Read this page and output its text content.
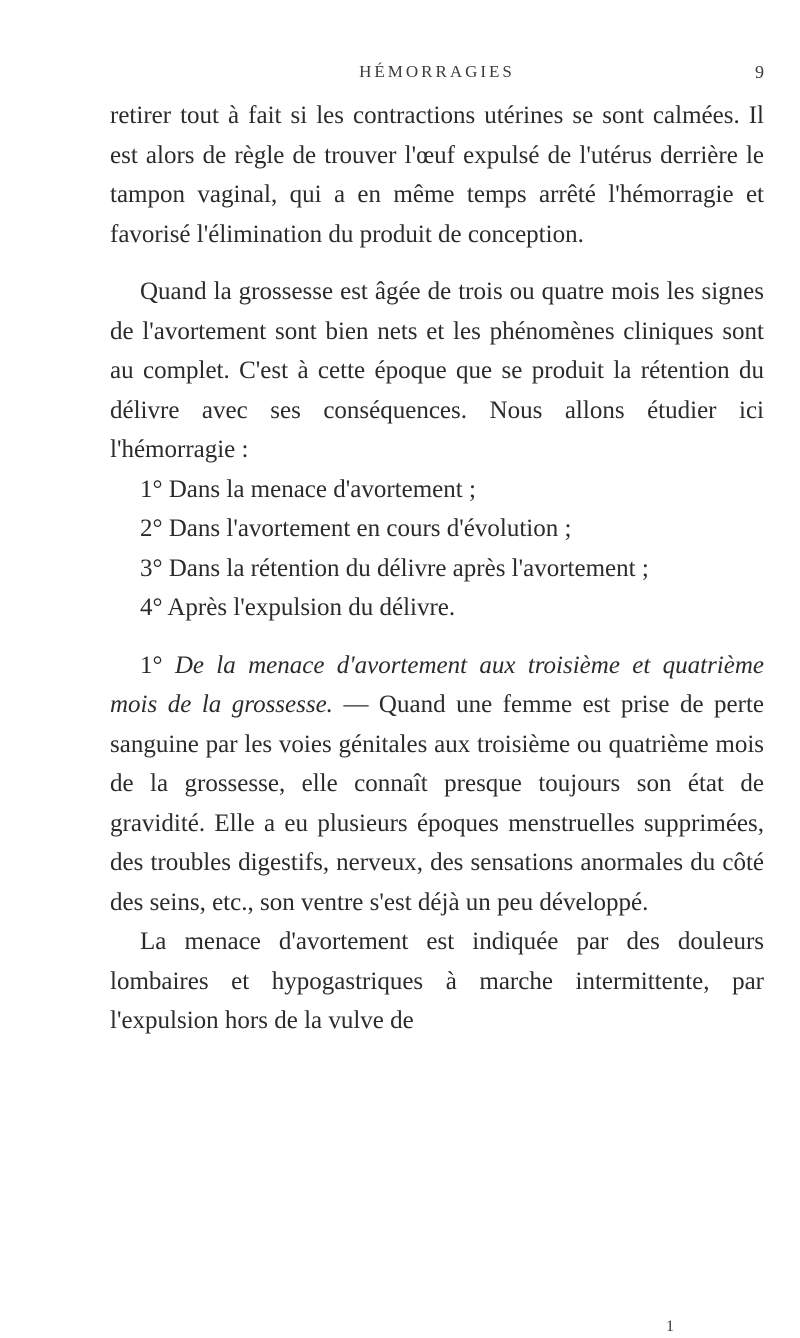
HÉMORRAGIES	9

retirer tout à fait si les contractions utérines se sont calmées. Il est alors de règle de trouver l'œuf expulsé de l'utérus derrière le tampon vaginal, qui a en même temps arrêté l'hémorragie et favorisé l'élimination du produit de conception.

Quand la grossesse est âgée de trois ou quatre mois les signes de l'avortement sont bien nets et les phénomènes cliniques sont au complet. C'est à cette époque que se produit la rétention du délivre avec ses conséquences. Nous allons étudier ici l'hémorragie :

1° Dans la menace d'avortement ;

2° Dans l'avortement en cours d'évolution ;

3° Dans la rétention du délivre après l'avortement ;

4° Après l'expulsion du délivre.

1° De la menace d'avortement aux troisième et quatrième mois de la grossesse. — Quand une femme est prise de perte sanguine par les voies génitales aux troisième ou quatrième mois de la grossesse, elle connaît presque toujours son état de gravidité. Elle a eu plusieurs époques menstruelles supprimées, des troubles digestifs, nerveux, des sensations anormales du côté des seins, etc., son ventre s'est déjà un peu développé.

La menace d'avortement est indiquée par des douleurs lombaires et hypogastriques à marche intermittente, par l'expulsion hors de la vulve de

1
